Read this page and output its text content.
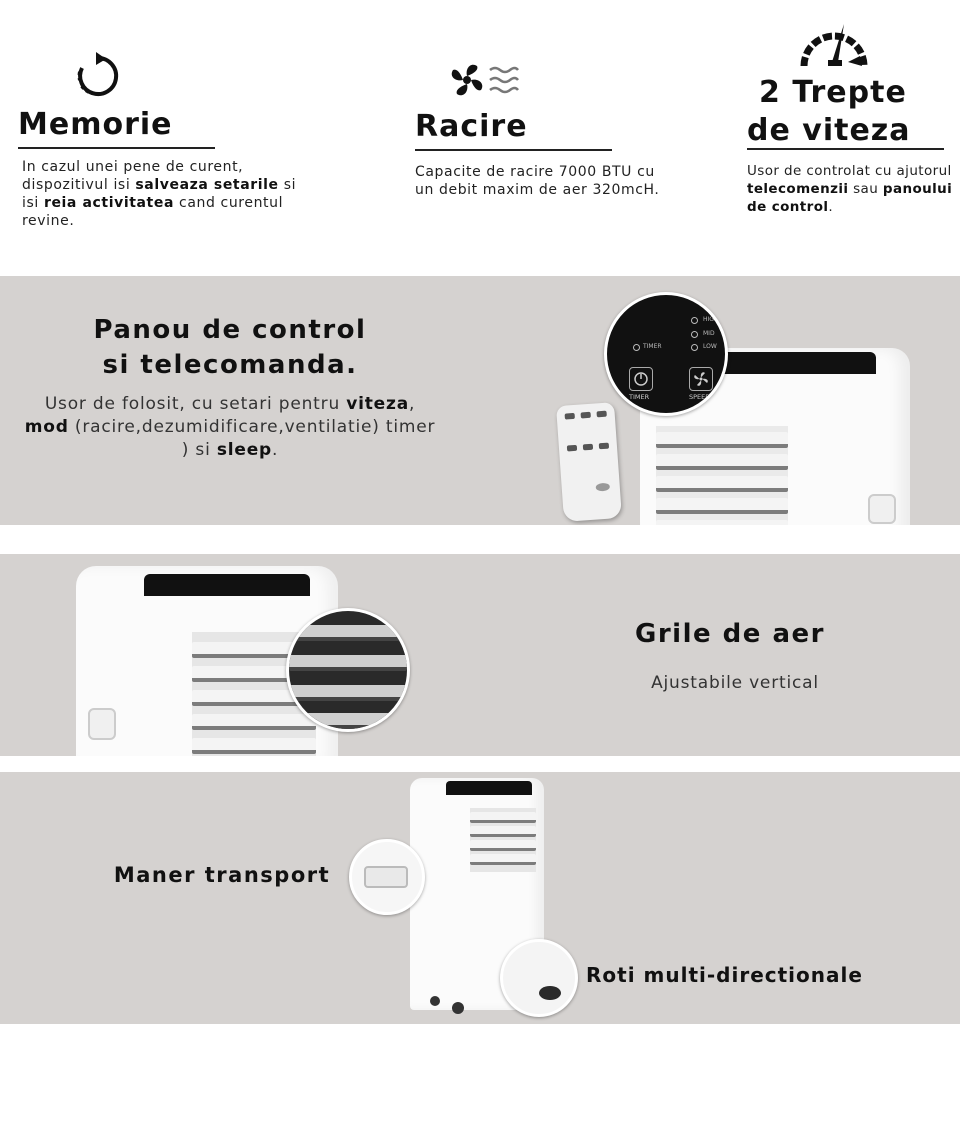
Memorie
In cazul unei pene de curent, dispozitivul isi salveaza setarile si isi reia activitatea cand curentul revine.
Racire
Capacite de racire 7000 BTU cu un debit maxim de aer 320mcH.
2 Trepte
de viteza
Usor de controlat cu ajutorul telecomenzii sau panoului de control.
Panou de control
si telecomanda.
Usor de folosit, cu setari pentru viteza,
mod (racire,dezumidificare,ventilatie) timer ) si sleep.
HIGH
MID
LOW
TIMER
TIMER	SPEED
Grile de aer
Ajustabile vertical
Maner transport
Roti multi-directionale
